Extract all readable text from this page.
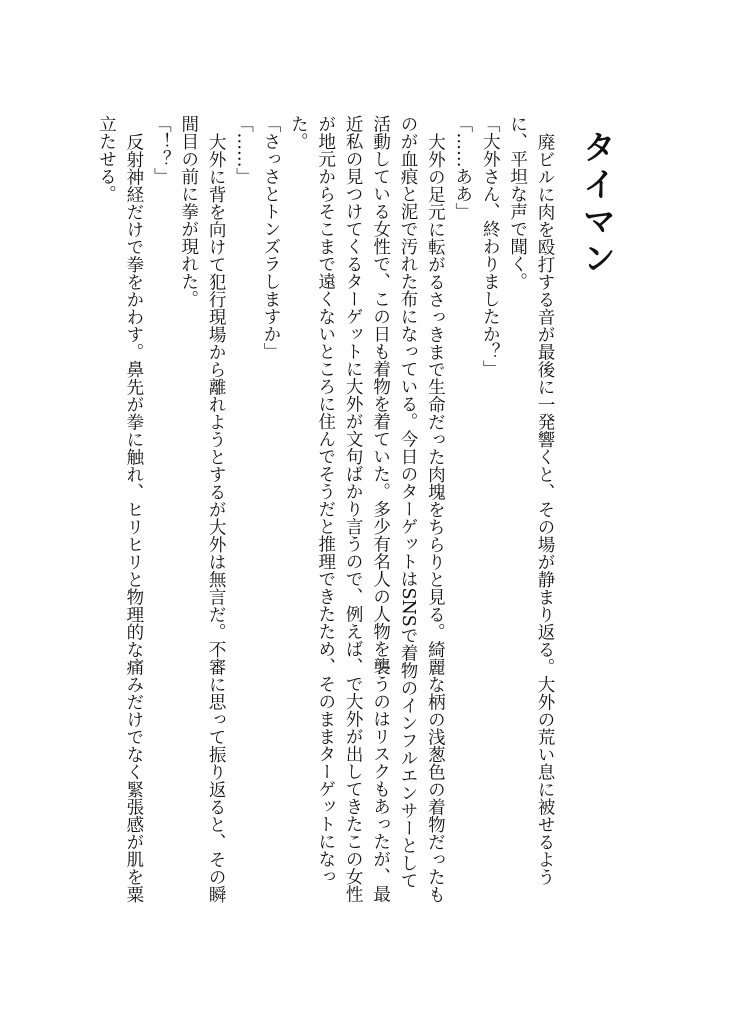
タイマン

廃ビルに肉を殴打する音が最後に一発響くと、その場が静まり返る。大外の荒い息に被せるように、平坦な声で聞く。

「大外さん、終わりましたか？」

「……ああ」

大外の足元に転がるさっきまで生命だった肉塊をちらりと見る。綺麗な柄の浅葱色の着物だったものが血痕と泥で汚れた布になっている。今日のターゲットはSNSで着物のインフルエンサーとして活動している女性で、この日も着物を着ていた。多少有名人の人物を襲うのはリスクもあったが、最近私の見つけてくるターゲットに大外が文句ばかり言うので、例えば、で大外が出してきたこの女性が地元からそこまで遠くないところに住んでそうだと推理できたため、そのままターゲットになった。

「さっさとトンズラしますか」

「……」

大外に背を向けて犯行現場から離れようとするが大外は無言だ。不審に思って振り返ると、その瞬間目の前に拳が現れた。

「！？」

反射神経だけで拳をかわす。鼻先が拳に触れ、ヒリヒリと物理的な痛みだけでなく緊張感が肌を粟立たせる。
